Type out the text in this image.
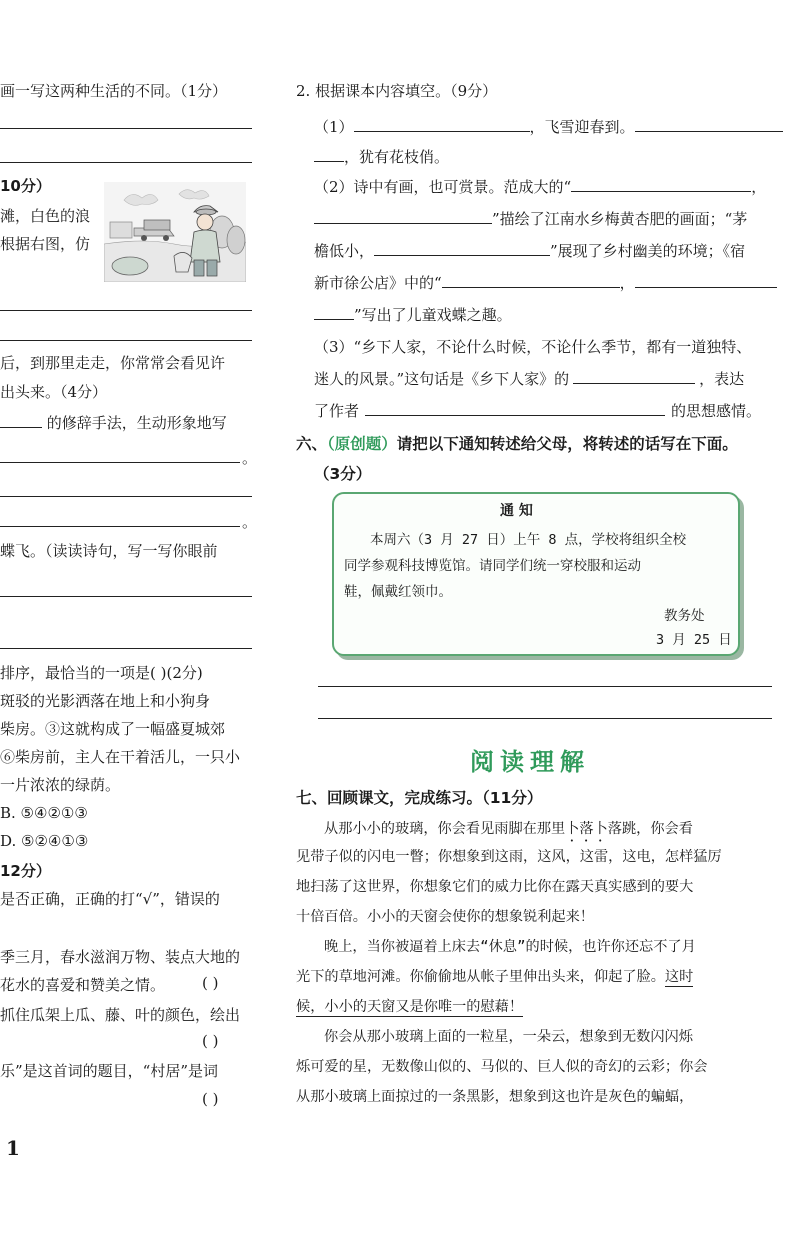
画一写这两种生活的不同。（1分）
10分）
滩，白色的浪
根据右图，仿
后，到那里走走，你常常会看见许
出头来。（4分）
的修辞手法，生动形象地写
。
。
蝶飞。（读读诗句，写一写你眼前
排序，最恰当的一项是( )(2分)
斑驳的光影洒落在地上和小狗身
柴房。③这就构成了一幅盛夏城郊
⑥柴房前，主人在干着活儿，一只小
一片浓浓的绿荫。
B. ⑤④②①③
D. ⑤②④①③
12分）
是否正确，正确的打“√”，错误的
季三月，春水滋润万物、装点大地的
花水的喜爱和赞美之情。 ( )
抓住瓜架上瓜、藤、叶的颜色，绘出
( )
乐”是这首词的题目，“村居”是词
( )
1
2. 根据课本内容填空。（9分）
（1）	，飞雪迎春到。
，犹有花枝俏。
（2）诗中有画，也可赏景。范成大的“	，
”描绘了江南水乡梅黄杏肥的画面；“茅
檐低小，	”展现了乡村幽美的环境；《宿
新市徐公店》中的“	，
”写出了儿童戏蝶之趣。
（3）“乡下人家，不论什么时候，不论什么季节，都有一道独特、
迷人的风景。”这句话是《乡下人家》的	，表达
了作者	的思想感情。
六、（原创题）请把以下通知转述给父母，将转述的话写在下面。
（3分）
通 知
本周六（3 月 27 日）上午 8 点，学校将组织全校
同学参观科技博览馆。请同学们统一穿校服和运动
鞋，佩戴红领巾。
教务处
3 月 25 日
阅读理解
七、回顾课文，完成练习。（11分）
从那小小的玻璃，你会看见雨脚在那里卜落卜落跳，你会看
见带子似的闪电一瞥；你想象到这雨，这风，这雷，这电，怎样猛厉
地扫荡了这世界，你想象它们的威力比你在露天真实感到的要大
十倍百倍。小小的天窗会使你的想象锐利起来！
晚上，当你被逼着上床去“休息”的时候，也许你还忘不了月
光下的草地河滩。你偷偷地从帐子里伸出头来，仰起了脸。这时
候，小小的天窗又是你唯一的慰藉！
你会从那小玻璃上面的一粒星，一朵云，想象到无数闪闪烁
烁可爱的星，无数像山似的、马似的、巨人似的奇幻的云彩；你会
从那小玻璃上面掠过的一条黑影，想象到这也许是灰色的蝙蝠，
